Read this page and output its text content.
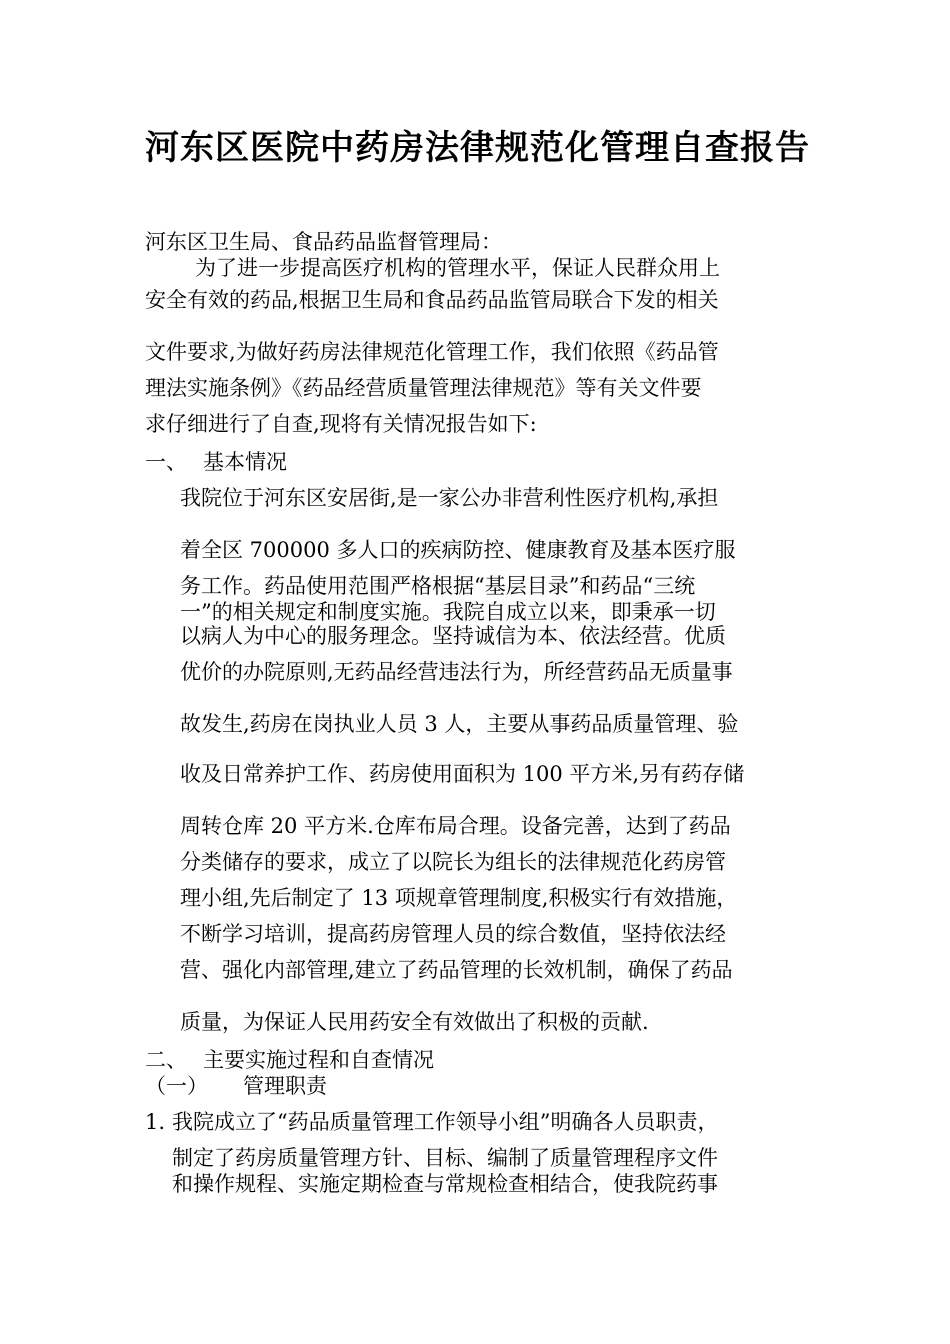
河东区医院中药房法律规范化管理自查报告
河东区卫生局、食品药品监督管理局：
为了进一步提高医疗机构的管理水平，保证人民群众用上
安全有效的药品,根据卫生局和食品药品监管局联合下发的相关
文件要求,为做好药房法律规范化管理工作，我们依照《药品管
理法实施条例》《药品经营质量管理法律规范》等有关文件要
求仔细进行了自查,现将有关情况报告如下:
一、 基本情况
我院位于河东区安居街,是一家公办非营利性医疗机构,承担
着全区 700000 多人口的疾病防控、健康教育及基本医疗服
务工作。药品使用范围严格根据“基层目录”和药品“三统
一”的相关规定和制度实施。我院自成立以来，即秉承一切
以病人为中心的服务理念。坚持诚信为本、依法经营。优质
优价的办院原则,无药品经营违法行为，所经营药品无质量事
故发生,药房在岗执业人员 3 人，主要从事药品质量管理、验
收及日常养护工作、药房使用面积为 100 平方米,另有药存储
周转仓库 20 平方米.仓库布局合理。设备完善，达到了药品
分类储存的要求，成立了以院长为组长的法律规范化药房管
理小组,先后制定了 13 项规章管理制度,积极实行有效措施，
不断学习培训，提高药房管理人员的综合数值，坚持依法经
营、强化内部管理,建立了药品管理的长效机制，确保了药品
质量，为保证人民用药安全有效做出了积极的贡献.
二、 主要实施过程和自查情况
（一） 管理职责
1. 我院成立了“药品质量管理工作领导小组”明确各人员职责，
制定了药房质量管理方针、目标、编制了质量管理程序文件
和操作规程、实施定期检查与常规检查相结合，使我院药事
